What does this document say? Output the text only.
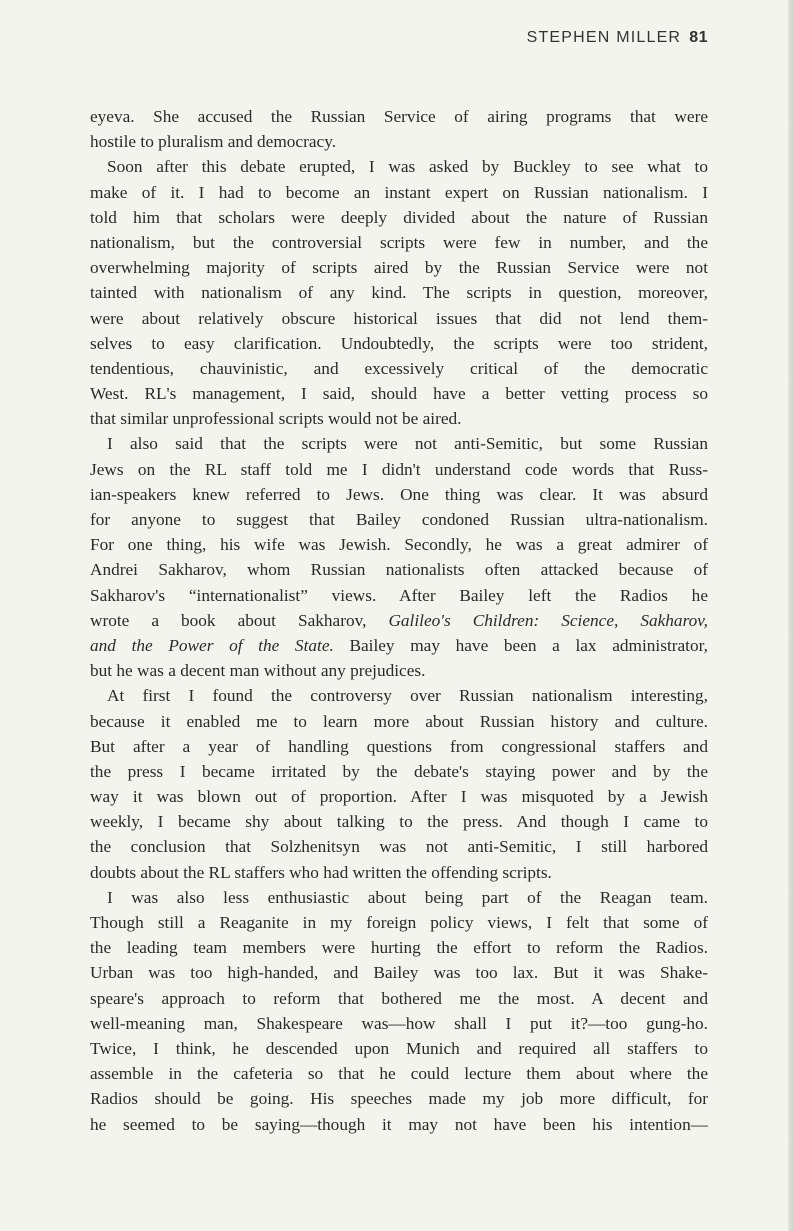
STEPHEN MILLER 81
eyeva. She accused the Russian Service of airing programs that were
hostile to pluralism and democracy.
Soon after this debate erupted, I was asked by Buckley to see what to
make of it. I had to become an instant expert on Russian nationalism. I
told him that scholars were deeply divided about the nature of Russian
nationalism, but the controversial scripts were few in number, and the
overwhelming majority of scripts aired by the Russian Service were not
tainted with nationalism of any kind. The scripts in question, moreover,
were about relatively obscure historical issues that did not lend them-
selves to easy clarification. Undoubtedly, the scripts were too strident,
tendentious, chauvinistic, and excessively critical of the democratic
West. RL's management, I said, should have a better vetting process so
that similar unprofessional scripts would not be aired.
I also said that the scripts were not anti-Semitic, but some Russian
Jews on the RL staff told me I didn't understand code words that Russ-
ian-speakers knew referred to Jews. One thing was clear. It was absurd
for anyone to suggest that Bailey condoned Russian ultra-nationalism.
For one thing, his wife was Jewish. Secondly, he was a great admirer of
Andrei Sakharov, whom Russian nationalists often attacked because of
Sakharov's “internationalist” views. After Bailey left the Radios he
wrote a book about Sakharov, Galileo's Children: Science, Sakharov,
and the Power of the State. Bailey may have been a lax administrator,
but he was a decent man without any prejudices.
At first I found the controversy over Russian nationalism interesting,
because it enabled me to learn more about Russian history and culture.
But after a year of handling questions from congressional staffers and
the press I became irritated by the debate's staying power and by the
way it was blown out of proportion. After I was misquoted by a Jewish
weekly, I became shy about talking to the press. And though I came to
the conclusion that Solzhenitsyn was not anti-Semitic, I still harbored
doubts about the RL staffers who had written the offending scripts.
I was also less enthusiastic about being part of the Reagan team.
Though still a Reaganite in my foreign policy views, I felt that some of
the leading team members were hurting the effort to reform the Radios.
Urban was too high-handed, and Bailey was too lax. But it was Shake-
speare's approach to reform that bothered me the most. A decent and
well-meaning man, Shakespeare was—how shall I put it?—too gung-ho.
Twice, I think, he descended upon Munich and required all staffers to
assemble in the cafeteria so that he could lecture them about where the
Radios should be going. His speeches made my job more difficult, for
he seemed to be saying—though it may not have been his intention—
